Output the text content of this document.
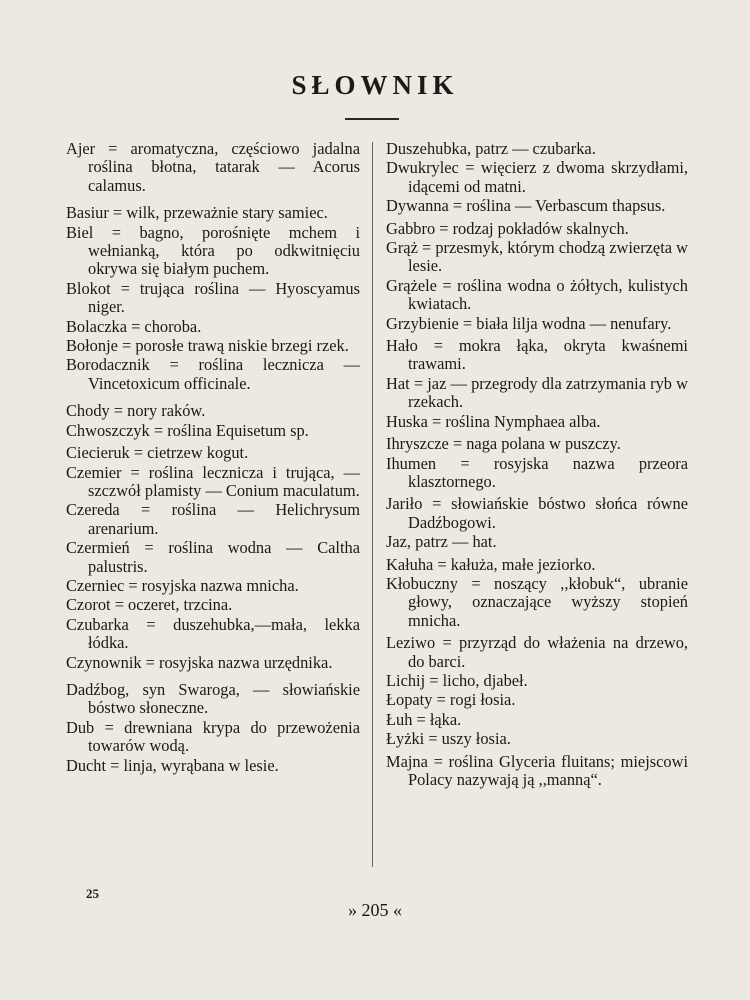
SŁOWNIK
Ajer = aromatyczna, częściowo jadalna roślina błotna, tatarak — Acorus calamus.
Basiur = wilk, przeważnie stary samiec.
Biel = bagno, porośnięte mchem i wełnianką, która po odkwitnięciu okrywa się białym puchem.
Blokot = trująca roślina — Hyoscyamus niger.
Bolaczka = choroba.
Bołonje = porosłe trawą niskie brzegi rzek.
Borodacznik = roślina lecznicza — Vincetoxicum officinale.
Chody = nory raków.
Chwoszczyk = roślina Equisetum sp.
Ciecieruk = cietrzew kogut.
Czemier = roślina lecznicza i trująca, — szczwół plamisty — Conium maculatum.
Czereda = roślina — Helichrysum arenarium.
Czermień = roślina wodna — Caltha palustris.
Czerniec = rosyjska nazwa mnicha.
Czorot = oczeret, trzcina.
Czubarka = duszehubka,—mała, lekka łódka.
Czynownik = rosyjska nazwa urzędnika.
Dadźbog, syn Swaroga, — słowiańskie bóstwo słoneczne.
Dub = drewniana krypa do przewożenia towarów wodą.
Ducht = linja, wyrąbana w lesie.
Duszehubka, patrz — czubarka.
Dwukrylec = więcierz z dwoma skrzydłami, idącemi od matni.
Dywanna = roślina — Verbascum thapsus.
Gabbro = rodzaj pokładów skalnych.
Grąż = przesmyk, którym chodzą zwierzęta w lesie.
Grążele = roślina wodna o żółtych, kulistych kwiatach.
Grzybienie = biała lilja wodna — nenufary.
Hało = mokra łąka, okryta kwaśnemi trawami.
Hat = jaz — przegrody dla zatrzymania ryb w rzekach.
Huska = roślina Nymphaea alba.
Ihryszcze = naga polana w puszczy.
Ihumen = rosyjska nazwa przeora klasztornego.
Jariło = słowiańskie bóstwo słońca równe Dadźbogowi.
Jaz, patrz — hat.
Kałuha = kałuża, małe jeziorko.
Kłobuczny = noszący ,,kłobuk“, ubranie głowy, oznaczające wyższy stopień mnicha.
Leziwo = przyrząd do włażenia na drzewo, do barci.
Lichij = licho, djabeł.
Łopaty = rogi łosia.
Łuh = łąka.
Łyżki = uszy łosia.
Majna = roślina Glyceria fluitans; miejscowi Polacy nazywają ją ,,manną“.
25
» 205 «
